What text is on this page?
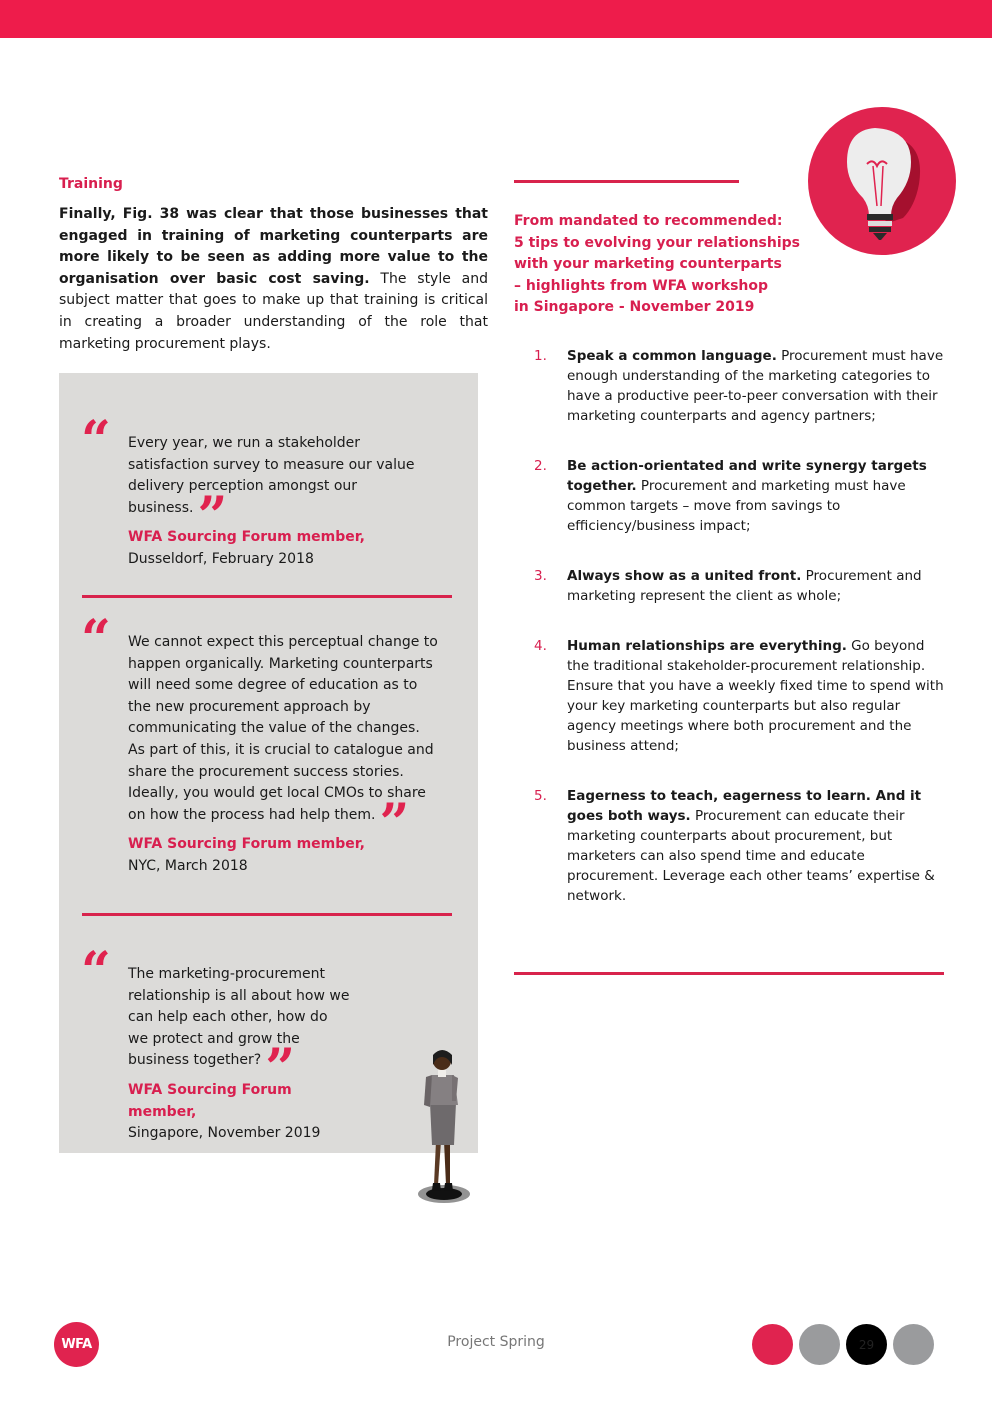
Training

Finally, Fig. 38 was clear that those businesses that engaged in training of marketing counterparts are more likely to be seen as adding more value to the organisation over basic cost saving. The style and subject matter that goes to make up that training is critical in creating a broader understanding of the role that marketing procurement plays.

“ Every year, we run a stakeholder satisfaction survey to measure our value delivery perception amongst our business.”

WFA Sourcing Forum member,
Dusseldorf, February 2018

“ We cannot expect this perceptual change to happen organically. Marketing counterparts will need some degree of education as to the new procurement approach by communicating the value of the changes. As part of this, it is crucial to catalogue and share the procurement success stories. Ideally, you would get local CMOs to share on how the process had help them.”

WFA Sourcing Forum member,
NYC, March 2018

“ The marketing-procurement relationship is all about how we can help each other, how do we protect and grow the business together?”

WFA Sourcing Forum member,
Singapore, November 2019

From mandated to recommended:
5 tips to evolving your relationships
with your marketing counterparts
– highlights from WFA workshop
in Singapore - November 2019

1. Speak a common language. Procurement must have enough understanding of the marketing categories to have a productive peer-to-peer conversation with their marketing counterparts and agency partners;
2. Be action-orientated and write synergy targets together. Procurement and marketing must have common targets – move from savings to efficiency/business impact;
3. Always show as a united front. Procurement and marketing represent the client as whole;
4. Human relationships are everything. Go beyond the traditional stakeholder-procurement relationship. Ensure that you have a weekly fixed time to spend with your key marketing counterparts but also regular agency meetings where both procurement and the business attend;
5. Eagerness to teach, eagerness to learn. And it goes both ways. Procurement can educate their marketing counterparts about procurement, but marketers can also spend time and educate procurement. Leverage each other teams’ expertise & network.
WFA	Project Spring	29
